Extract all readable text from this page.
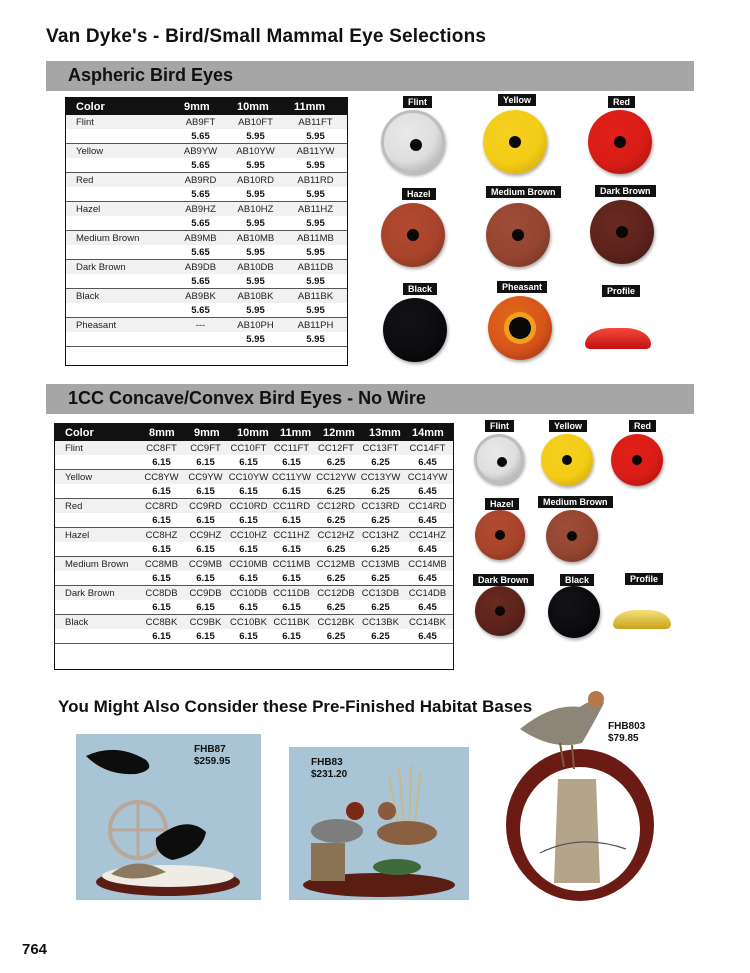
Van Dyke's - Bird/Small Mammal Eye Selections
Aspheric Bird Eyes
Color	9mm	10mm	11mm
Flint	AB9FT	AB10FT	AB11FT
	5.65	5.95	5.95
Yellow	AB9YW	AB10YW	AB11YW
	5.65	5.95	5.95
Red	AB9RD	AB10RD	AB11RD
	5.65	5.95	5.95
Hazel	AB9HZ	AB10HZ	AB11HZ
	5.65	5.95	5.95
Medium Brown	AB9MB	AB10MB	AB11MB
	5.65	5.95	5.95
Dark Brown	AB9DB	AB10DB	AB11DB
	5.65	5.95	5.95
Black	AB9BK	AB10BK	AB11BK
	5.65	5.95	5.95
Pheasant	---	AB10PH	AB11PH
		5.95	5.95
Flint	Yellow	Red
Hazel	Medium Brown	Dark Brown
Black	Pheasant	Profile
1CC Concave/Convex Bird Eyes - No Wire
Color	8mm	9mm	10mm	11mm	12mm	13mm	14mm
Flint	CC8FT	CC9FT	CC10FT	CC11FT	CC12FT	CC13FT	CC14FT
	6.15	6.15	6.15	6.15	6.25	6.25	6.45
Yellow	CC8YW	CC9YW	CC10YW	CC11YW	CC12YW	CC13YW	CC14YW
	6.15	6.15	6.15	6.15	6.25	6.25	6.45
Red	CC8RD	CC9RD	CC10RD	CC11RD	CC12RD	CC13RD	CC14RD
	6.15	6.15	6.15	6.15	6.25	6.25	6.45
Hazel	CC8HZ	CC9HZ	CC10HZ	CC11HZ	CC12HZ	CC13HZ	CC14HZ
	6.15	6.15	6.15	6.15	6.25	6.25	6.45
Medium Brown	CC8MB	CC9MB	CC10MB	CC11MB	CC12MB	CC13MB	CC14MB
	6.15	6.15	6.15	6.15	6.25	6.25	6.45
Dark Brown	CC8DB	CC9DB	CC10DB	CC11DB	CC12DB	CC13DB	CC14DB
	6.15	6.15	6.15	6.15	6.25	6.25	6.45
Black	CC8BK	CC9BK	CC10BK	CC11BK	CC12BK	CC13BK	CC14BK
	6.15	6.15	6.15	6.15	6.25	6.25	6.45
Flint	Yellow	Red
Hazel	Medium Brown
Dark Brown	Black	Profile
You Might Also Consider these Pre-Finished Habitat Bases
FHB87
$259.95	FHB83
$231.20
FHB803
$79.85
764
